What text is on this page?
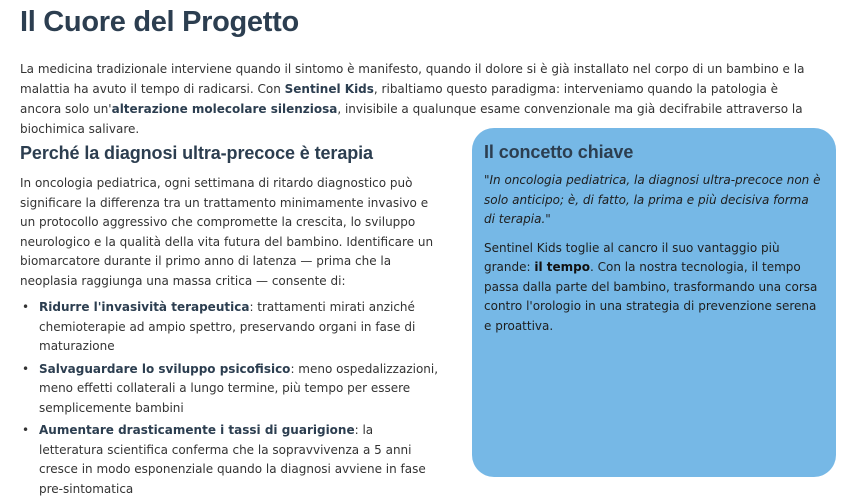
Il Cuore del Progetto

La medicina tradizionale interviene quando il sintomo è manifesto, quando il dolore si è già installato nel corpo di un bambino e la malattia ha avuto il tempo di radicarsi. Con Sentinel Kids, ribaltiamo questo paradigma: interveniamo quando la patologia è ancora solo un'alterazione molecolare silenziosa, invisibile a qualunque esame convenzionale ma già decifrabile attraverso la biochimica salivare.

Perché la diagnosi ultra-precoce è terapia

In oncologia pediatrica, ogni settimana di ritardo diagnostico può significare la differenza tra un trattamento minimamente invasivo e un protocollo aggressivo che compromette la crescita, lo sviluppo neurologico e la qualità della vita futura del bambino. Identificare un biomarcatore durante il primo anno di latenza — prima che la neoplasia raggiunga una massa critica — consente di:

• Ridurre l'invasività terapeutica: trattamenti mirati anziché chemioterapie ad ampio spettro, preservando organi in fase di maturazione
• Salvaguardare lo sviluppo psicofisico: meno ospedalizzazioni, meno effetti collaterali a lungo termine, più tempo per essere semplicemente bambini
• Aumentare drasticamente i tassi di guarigione: la letteratura scientifica conferma che la sopravvivenza a 5 anni cresce in modo esponenziale quando la diagnosi avviene in fase pre-sintomatica
Il concetto chiave

"In oncologia pediatrica, la diagnosi ultra-precoce non è solo anticipo; è, di fatto, la prima e più decisiva forma di terapia."

Sentinel Kids toglie al cancro il suo vantaggio più grande: il tempo. Con la nostra tecnologia, il tempo passa dalla parte del bambino, trasformando una corsa contro l'orologio in una strategia di prevenzione serena e proattiva.
